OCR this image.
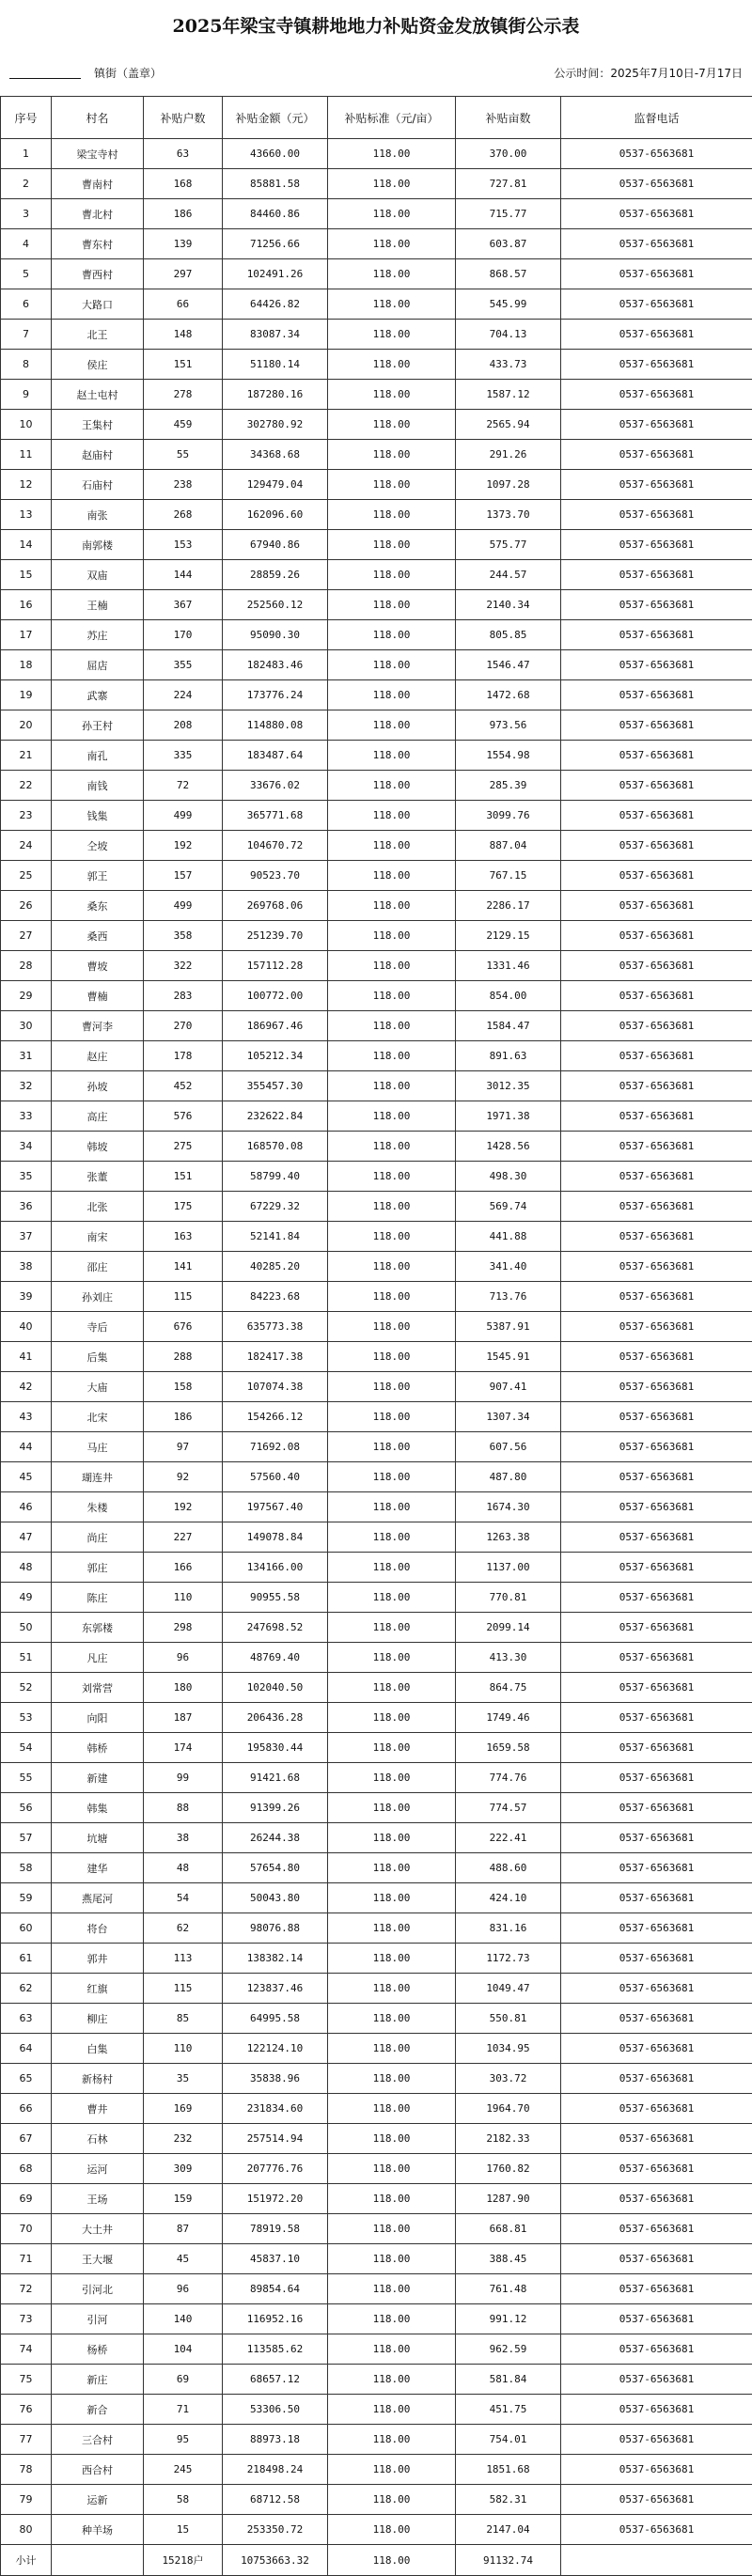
2025年梁宝寺镇耕地地力补贴资金发放镇街公示表
镇街（盖章）	公示时间：2025年7月10日-7月17日
序号	村名	补贴户数	补贴金额（元）	补贴标准（元/亩）	补贴亩数	监督电话
1	梁宝寺村	63	43660.00	118.00	370.00	0537-6563681
2	曹南村	168	85881.58	118.00	727.81	0537-6563681
3	曹北村	186	84460.86	118.00	715.77	0537-6563681
4	曹东村	139	71256.66	118.00	603.87	0537-6563681
5	曹西村	297	102491.26	118.00	868.57	0537-6563681
6	大路口	66	64426.82	118.00	545.99	0537-6563681
7	北王	148	83087.34	118.00	704.13	0537-6563681
8	侯庄	151	51180.14	118.00	433.73	0537-6563681
9	赵土屯村	278	187280.16	118.00	1587.12	0537-6563681
10	王集村	459	302780.92	118.00	2565.94	0537-6563681
11	赵庙村	55	34368.68	118.00	291.26	0537-6563681
12	石庙村	238	129479.04	118.00	1097.28	0537-6563681
13	南张	268	162096.60	118.00	1373.70	0537-6563681
14	南郭楼	153	67940.86	118.00	575.77	0537-6563681
15	双庙	144	28859.26	118.00	244.57	0537-6563681
16	王楠	367	252560.12	118.00	2140.34	0537-6563681
17	苏庄	170	95090.30	118.00	805.85	0537-6563681
18	屈店	355	182483.46	118.00	1546.47	0537-6563681
19	武寨	224	173776.24	118.00	1472.68	0537-6563681
20	孙王村	208	114880.08	118.00	973.56	0537-6563681
21	南孔	335	183487.64	118.00	1554.98	0537-6563681
22	南钱	72	33676.02	118.00	285.39	0537-6563681
23	钱集	499	365771.68	118.00	3099.76	0537-6563681
24	仝坡	192	104670.72	118.00	887.04	0537-6563681
25	郭王	157	90523.70	118.00	767.15	0537-6563681
26	桑东	499	269768.06	118.00	2286.17	0537-6563681
27	桑西	358	251239.70	118.00	2129.15	0537-6563681
28	曹坡	322	157112.28	118.00	1331.46	0537-6563681
29	曹楠	283	100772.00	118.00	854.00	0537-6563681
30	曹河李	270	186967.46	118.00	1584.47	0537-6563681
31	赵庄	178	105212.34	118.00	891.63	0537-6563681
32	孙坡	452	355457.30	118.00	3012.35	0537-6563681
33	高庄	576	232622.84	118.00	1971.38	0537-6563681
34	韩坡	275	168570.08	118.00	1428.56	0537-6563681
35	张董	151	58799.40	118.00	498.30	0537-6563681
36	北张	175	67229.32	118.00	569.74	0537-6563681
37	南宋	163	52141.84	118.00	441.88	0537-6563681
38	邵庄	141	40285.20	118.00	341.40	0537-6563681
39	孙刘庄	115	84223.68	118.00	713.76	0537-6563681
40	寺后	676	635773.38	118.00	5387.91	0537-6563681
41	后集	288	182417.38	118.00	1545.91	0537-6563681
42	大庙	158	107074.38	118.00	907.41	0537-6563681
43	北宋	186	154266.12	118.00	1307.34	0537-6563681
44	马庄	97	71692.08	118.00	607.56	0537-6563681
45	瑚连井	92	57560.40	118.00	487.80	0537-6563681
46	朱楼	192	197567.40	118.00	1674.30	0537-6563681
47	尚庄	227	149078.84	118.00	1263.38	0537-6563681
48	郭庄	166	134166.00	118.00	1137.00	0537-6563681
49	陈庄	110	90955.58	118.00	770.81	0537-6563681
50	东郭楼	298	247698.52	118.00	2099.14	0537-6563681
51	凡庄	96	48769.40	118.00	413.30	0537-6563681
52	刘常营	180	102040.50	118.00	864.75	0537-6563681
53	向阳	187	206436.28	118.00	1749.46	0537-6563681
54	韩桥	174	195830.44	118.00	1659.58	0537-6563681
55	新建	99	91421.68	118.00	774.76	0537-6563681
56	韩集	88	91399.26	118.00	774.57	0537-6563681
57	坑塘	38	26244.38	118.00	222.41	0537-6563681
58	建华	48	57654.80	118.00	488.60	0537-6563681
59	燕尾河	54	50043.80	118.00	424.10	0537-6563681
60	将台	62	98076.88	118.00	831.16	0537-6563681
61	郭井	113	138382.14	118.00	1172.73	0537-6563681
62	红旗	115	123837.46	118.00	1049.47	0537-6563681
63	柳庄	85	64995.58	118.00	550.81	0537-6563681
64	白集	110	122124.10	118.00	1034.95	0537-6563681
65	新杨村	35	35838.96	118.00	303.72	0537-6563681
66	曹井	169	231834.60	118.00	1964.70	0537-6563681
67	石林	232	257514.94	118.00	2182.33	0537-6563681
68	运河	309	207776.76	118.00	1760.82	0537-6563681
69	王场	159	151972.20	118.00	1287.90	0537-6563681
70	大土井	87	78919.58	118.00	668.81	0537-6563681
71	王大堰	45	45837.10	118.00	388.45	0537-6563681
72	引河北	96	89854.64	118.00	761.48	0537-6563681
73	引河	140	116952.16	118.00	991.12	0537-6563681
74	杨桥	104	113585.62	118.00	962.59	0537-6563681
75	新庄	69	68657.12	118.00	581.84	0537-6563681
76	新合	71	53306.50	118.00	451.75	0537-6563681
77	三合村	95	88973.18	118.00	754.01	0537-6563681
78	西合村	245	218498.24	118.00	1851.68	0537-6563681
79	运新	58	68712.58	118.00	582.31	0537-6563681
80	种羊场	15	253350.72	118.00	2147.04	0537-6563681
小计		15218户	10753663.32	118.00	91132.74	
